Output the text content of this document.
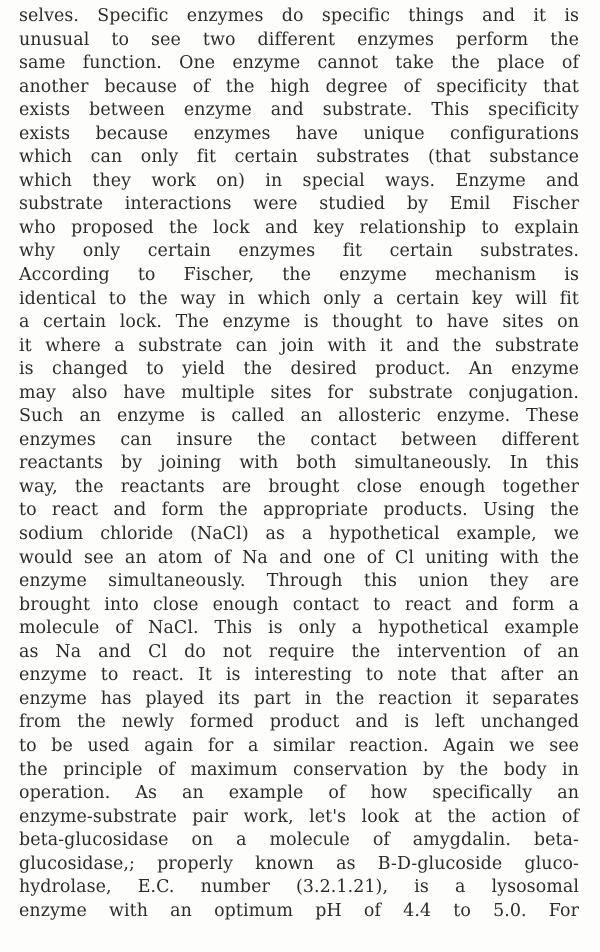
selves. Specific enzymes do specific things and it is
unusual to see two different enzymes perform the
same function. One enzyme cannot take the place of
another because of the high degree of specificity that
exists between enzyme and substrate. This specificity
exists because enzymes have unique configurations
which can only fit certain substrates (that substance
which they work on) in special ways. Enzyme and
substrate interactions were studied by Emil Fischer
who proposed the lock and key relationship to explain
why only certain enzymes fit certain substrates.
According to Fischer, the enzyme mechanism is
identical to the way in which only a certain key will fit
a certain lock. The enzyme is thought to have sites on
it where a substrate can join with it and the substrate
is changed to yield the desired product. An enzyme
may also have multiple sites for substrate conjugation.
Such an enzyme is called an allosteric enzyme. These
enzymes can insure the contact between different
reactants by joining with both simultaneously. In this
way, the reactants are brought close enough together
to react and form the appropriate products. Using the
sodium chloride (NaCl) as a hypothetical example, we
would see an atom of Na and one of Cl uniting with the
enzyme simultaneously. Through this union they are
brought into close enough contact to react and form a
molecule of NaCl. This is only a hypothetical example
as Na and Cl do not require the intervention of an
enzyme to react. It is interesting to note that after an
enzyme has played its part in the reaction it separates
from the newly formed product and is left unchanged
to be used again for a similar reaction. Again we see
the principle of maximum conservation by the body in
operation. As an example of how specifically an
enzyme-substrate pair work, let's look at the action of
beta-glucosidase on a molecule of amygdalin. beta-
glucosidase,; properly known as B-D-glucoside gluco-
hydrolase, E.C. number (3.2.1.21), is a lysosomal
enzyme with an optimum pH of 4.4 to 5.0. For
